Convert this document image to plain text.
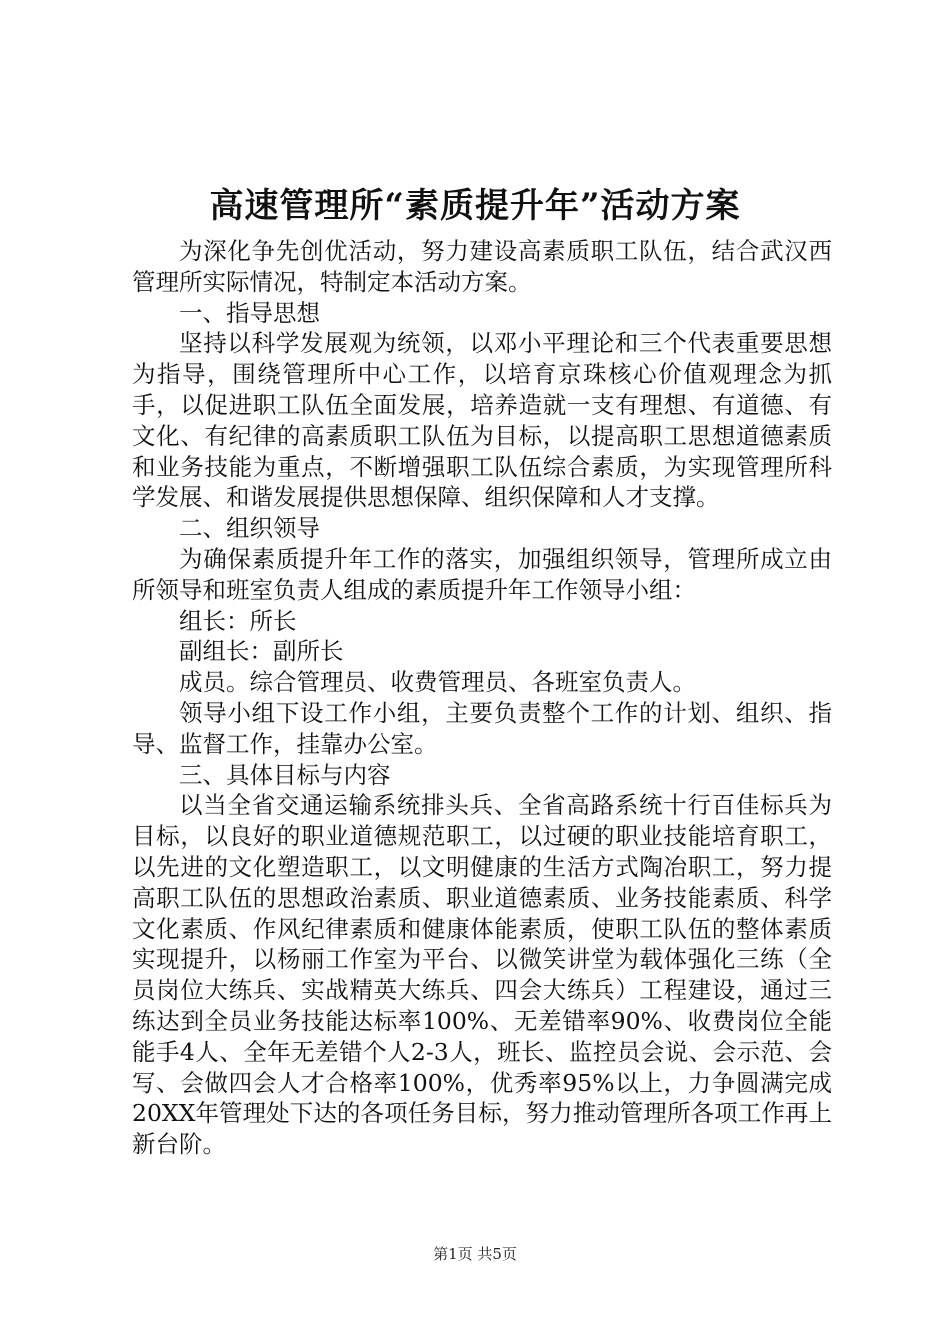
高速管理所“素质提升年”活动方案

为深化争先创优活动，努力建设高素质职工队伍，结合武汉西管理所实际情况，特制定本活动方案。

一、指导思想

坚持以科学发展观为统领，以邓小平理论和三个代表重要思想为指导，围绕管理所中心工作，以培育京珠核心价值观理念为抓手，以促进职工队伍全面发展，培养造就一支有理想、有道德、有文化、有纪律的高素质职工队伍为目标，以提高职工思想道德素质和业务技能为重点，不断增强职工队伍综合素质，为实现管理所科学发展、和谐发展提供思想保障、组织保障和人才支撑。

二、组织领导

为确保素质提升年工作的落实，加强组织领导，管理所成立由所领导和班室负责人组成的素质提升年工作领导小组：

组长：所长

副组长：副所长

成员。综合管理员、收费管理员、各班室负责人。

领导小组下设工作小组，主要负责整个工作的计划、组织、指导、监督工作，挂靠办公室。

三、具体目标与内容

以当全省交通运输系统排头兵、全省高路系统十行百佳标兵为目标，以良好的职业道德规范职工，以过硬的职业技能培育职工，以先进的文化塑造职工，以文明健康的生活方式陶冶职工，努力提高职工队伍的思想政治素质、职业道德素质、业务技能素质、科学文化素质、作风纪律素质和健康体能素质，使职工队伍的整体素质实现提升，以杨丽工作室为平台、以微笑讲堂为载体强化三练（全员岗位大练兵、实战精英大练兵、四会大练兵）工程建设，通过三练达到全员业务技能达标率100%、无差错率90%、收费岗位全能能手4人、全年无差错个人2-3人，班长、监控员会说、会示范、会写、会做四会人才合格率100%，优秀率95%以上，力争圆满完成20XX年管理处下达的各项任务目标，努力推动管理所各项工作再上新台阶。

第1页 共5页
